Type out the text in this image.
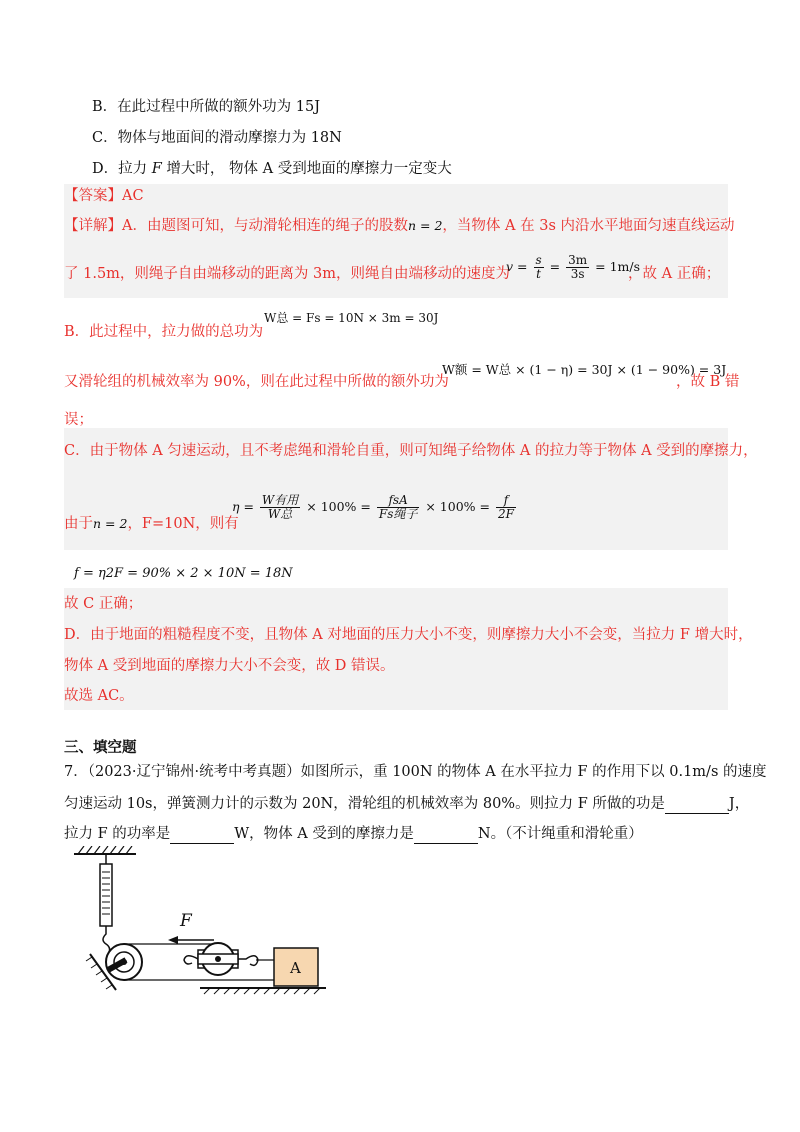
B．在此过程中所做的额外功为 15J
C．物体与地面间的滑动摩擦力为 18N
D．拉力 F 增大时， 物体 A 受到地面的摩擦力一定变大
【答案】AC
【详解】A．由题图可知，与动滑轮相连的绳子的股数n = 2，当物体 A 在 3s 内沿水平地面匀速直线运动
了 1.5m，则绳子自由端移动的距离为 3m，则绳自由端移动的速度为
$v = \frac{s}{t} = \frac{3m}{3s} = 1m/s$
，故 A 正确；
W总 = Fs = 10N × 3m = 30J
B．此过程中，拉力做的总功为
W额 = W总 × (1 − η) = 30J × (1 − 90%) = 3J
又滑轮组的机械效率为 90%，则在此过程中所做的额外功为	，故 B 错
误；
C．由于物体 A 匀速运动，且不考虑绳和滑轮自重，则可知绳子给物体 A 的拉力等于物体 A 受到的摩擦力，
由于n = 2，F=10N，则有
$\eta = \frac{\text{W有用}}{\text{W总}} \times 100\% = \frac{\text{fsA}}{\text{Fs绳子}} \times 100\% = \frac{f}{2F}$
f = η2F = 90% × 2 × 10N = 18N
故 C 正确；
D．由于地面的粗糙程度不变，且物体 A 对地面的压力大小不变，则摩擦力大小不会变，当拉力 F 增大时，
物体 A 受到地面的摩擦力大小不会变，故 D 错误。
故选 AC。
三、填空题
7．（2023·辽宁锦州·统考中考真题）如图所示，重 100N 的物体 A 在水平拉力 F 的作用下以 0.1m/s 的速度
匀速运动 10s，弹簧测力计的示数为 20N，滑轮组的机械效率为 80%。则拉力 F 所做的功是	J，
拉力 F 的功率是	W，物体 A 受到的摩擦力是	N。（不计绳重和滑轮重）
F
A
